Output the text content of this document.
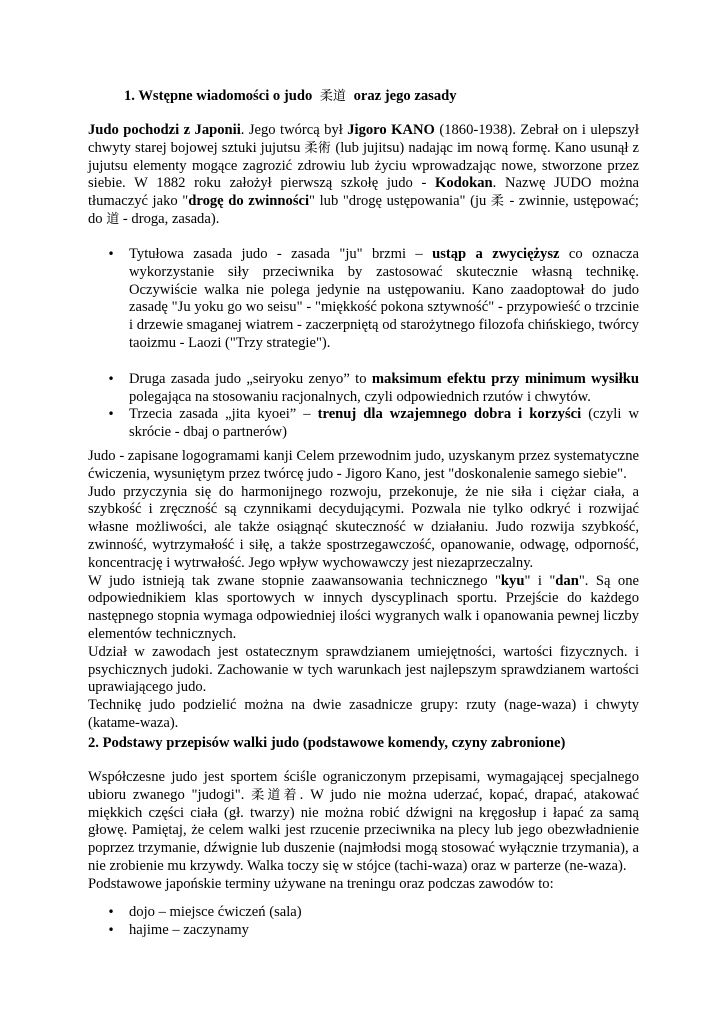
1. Wstępne wiadomości o judo 柔道 oraz jego zasady

Judo pochodzi z Japonii. Jego twórcą był Jigoro KANO (1860-1938). Zebrał on i ulepszył chwyty starej bojowej sztuki jujutsu 柔術 (lub jujitsu) nadając im nową formę. Kano usunął z jujutsu elementy mogące zagrozić zdrowiu lub życiu wprowadzając nowe, stworzone przez siebie. W 1882 roku założył pierwszą szkołę judo - Kodokan. Nazwę JUDO można tłumaczyć jako "drogę do zwinności" lub "drogę ustępowania" (ju 柔 - zwinnie, ustępować; do 道 - droga, zasada).

• Tytułowa zasada judo - zasada "ju" brzmi – ustąp a zwyciężysz co oznacza wykorzystanie siły przeciwnika by zastosować skutecznie własną technikę. Oczywiście walka nie polega jedynie na ustępowaniu. Kano zaadoptował do judo zasadę "Ju yoku go wo seisu" - "miękkość pokona sztywność" - przypowieść o trzcinie i drzewie smaganej wiatrem - zaczerpniętą od starożytnego filozofa chińskiego, twórcy taoizmu - Laozi ("Trzy strategie").
• Druga zasada judo „seiryoku zenyo” to maksimum efektu przy minimum wysiłku polegająca na stosowaniu racjonalnych, czyli odpowiednich rzutów i chwytów.
• Trzecia zasada „jita kyoei” – trenuj dla wzajemnego dobra i korzyści (czyli w skrócie - dbaj o partnerów)
Judo - zapisane logogramami kanji Celem przewodnim judo, uzyskanym przez systematyczne ćwiczenia, wysuniętym przez twórcę judo - Jigoro Kano, jest "doskonalenie samego siebie".
Judo przyczynia się do harmonijnego rozwoju, przekonuje, że nie siła i ciężar ciała, a szybkość i zręczność są czynnikami decydującymi. Pozwala nie tylko odkryć i rozwijać własne możliwości, ale także osiągnąć skuteczność w działaniu. Judo rozwija szybkość, zwinność, wytrzymałość i siłę, a także spostrzegawczość, opanowanie, odwagę, odporność, koncentrację i wytrwałość. Jego wpływ wychowawczy jest niezaprzeczalny.
W judo istnieją tak zwane stopnie zaawansowania technicznego "kyu" i "dan". Są one odpowiednikiem klas sportowych w innych dyscyplinach sportu. Przejście do każdego następnego stopnia wymaga odpowiedniej ilości wygranych walk i opanowania pewnej liczby elementów technicznych.
Udział w zawodach jest ostatecznym sprawdzianem umiejętności, wartości fizycznych. i psychicznych judoki. Zachowanie w tych warunkach jest najlepszym sprawdzianem wartości uprawiającego judo.
Technikę judo podzielić można na dwie zasadnicze grupy: rzuty (nage-waza) i chwyty (katame-waza).
2. Podstawy przepisów walki judo (podstawowe komendy, czyny zabronione)
Współczesne judo jest sportem ściśle ograniczonym przepisami, wymagającej specjalnego ubioru zwanego "judogi". 柔道着. W judo nie można uderzać, kopać, drapać, atakować miękkich części ciała (gł. twarzy) nie można robić dźwigni na kręgosłup i łapać za samą głowę. Pamiętaj, że celem walki jest rzucenie przeciwnika na plecy lub jego obezwładnienie poprzez trzymanie, dźwignie lub duszenie (najmłodsi mogą stosować wyłącznie trzymania), a nie zrobienie mu krzywdy. Walka toczy się w stójce (tachi-waza) oraz w parterze (ne-waza).
Podstawowe japońskie terminy używane na treningu oraz podczas zawodów to:
• dojo – miejsce ćwiczeń (sala)
• hajime – zaczynamy
